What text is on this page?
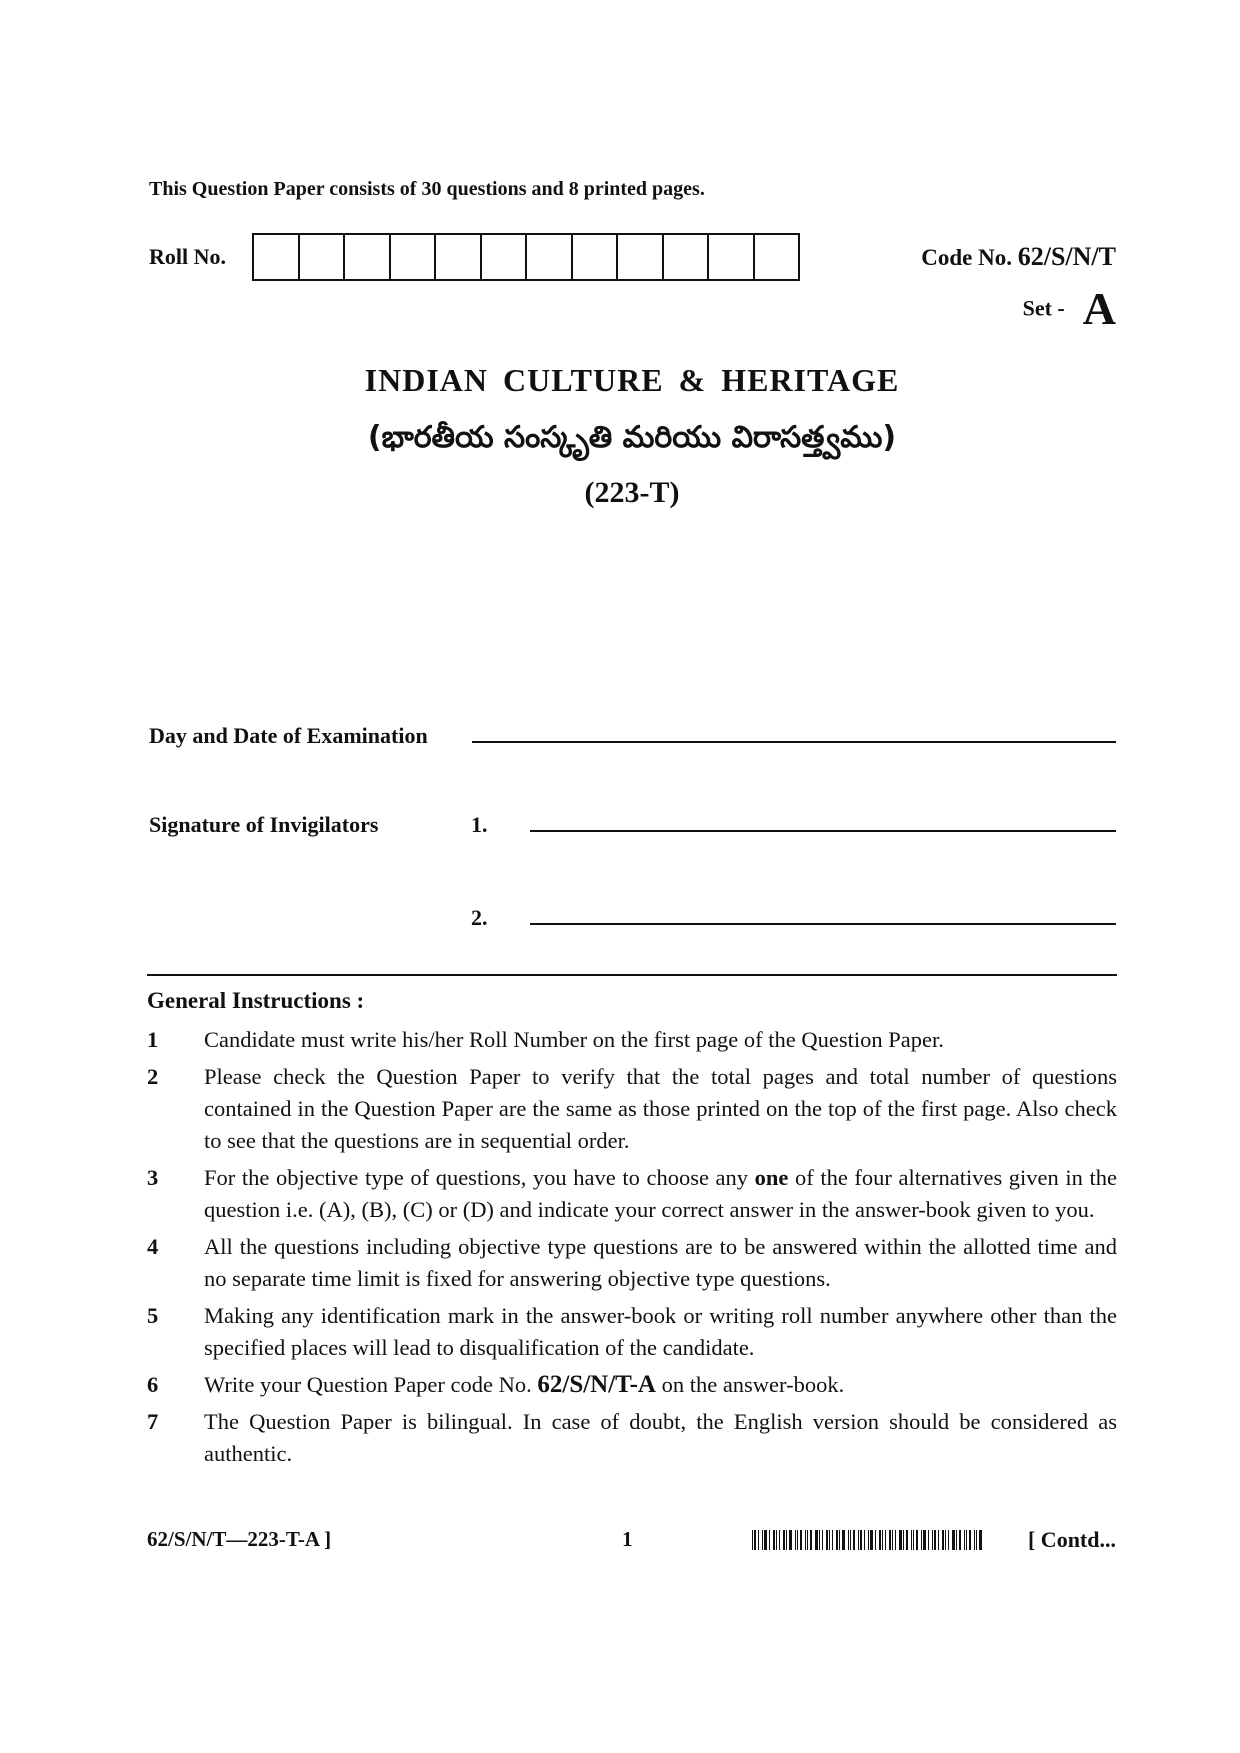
This Question Paper consists of 30 questions and 8 printed pages.
Roll No.	Code No. 62/S/N/T
Set - A
INDIAN CULTURE & HERITAGE
(భారతీయ సంస్కృతి మరియు విరాసత్త్వము)
(223-T)
Day and Date of Examination
Signature of Invigilators	1.
2.
General Instructions :
1	Candidate must write his/her Roll Number on the first page of the Question Paper.
2	Please check the Question Paper to verify that the total pages and total number of questions contained in the Question Paper are the same as those printed on the top of the first page. Also check to see that the questions are in sequential order.
3	For the objective type of questions, you have to choose any one of the four alternatives given in the question i.e. (A), (B), (C) or (D) and indicate your correct answer in the answer-book given to you.
4	All the questions including objective type questions are to be answered within the allotted time and no separate time limit is fixed for answering objective type questions.
5	Making any identification mark in the answer-book or writing roll number anywhere other than the specified places will lead to disqualification of the candidate.
6	Write your Question Paper code No. 62/S/N/T-A on the answer-book.
7	The Question Paper is bilingual. In case of doubt, the English version should be considered as authentic.
62/S/N/T—223-T-A ]	1	[ Contd...
